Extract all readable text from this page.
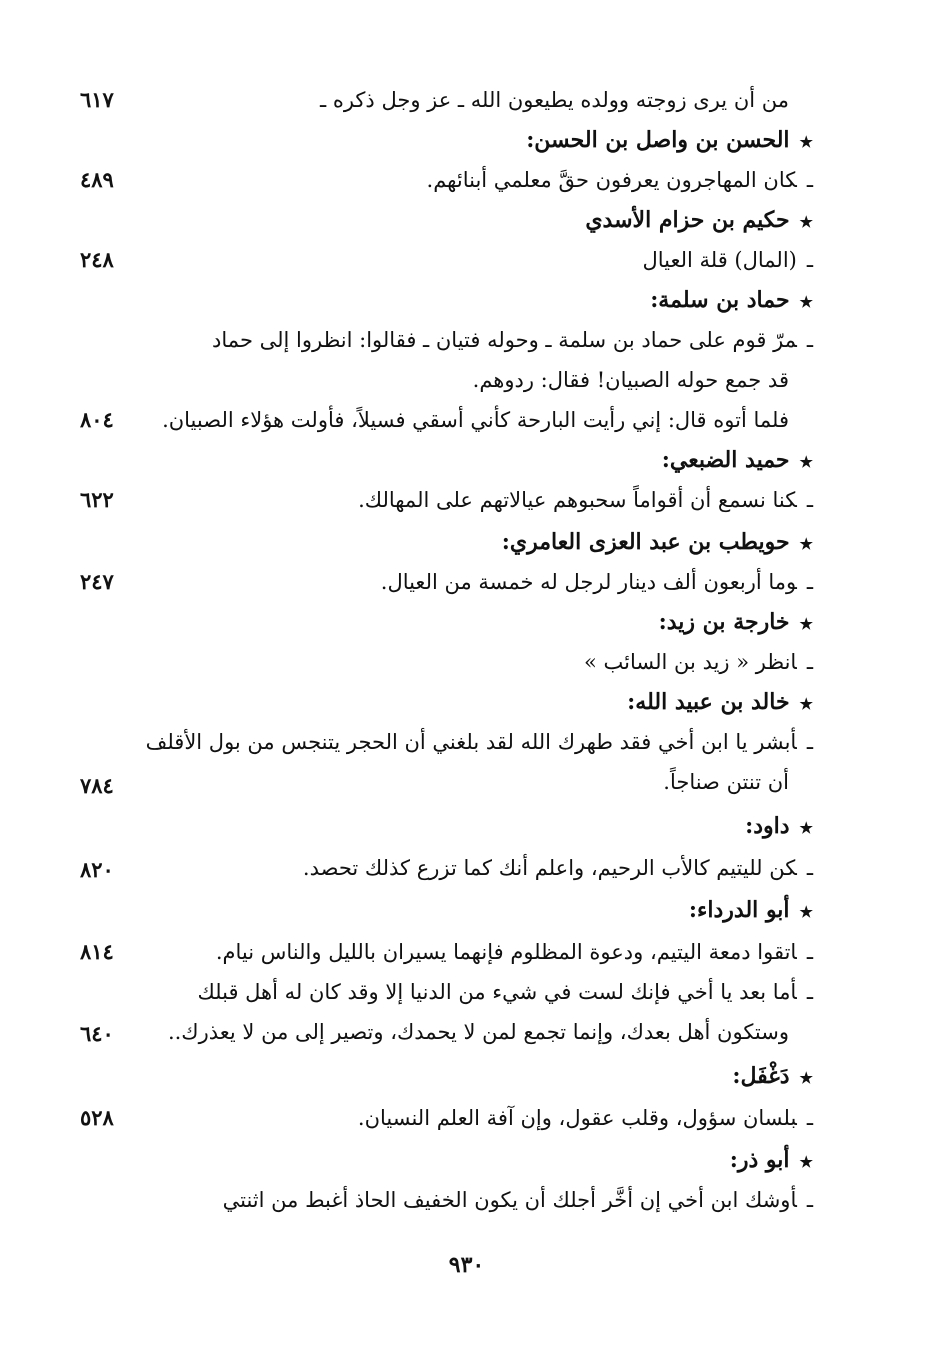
من أن يرى زوجته وولده يطيعون الله ـ عز وجل ذكره ـ
٦١٧
★الحسن بن واصل بن الحسن:
ـكان المهاجرون يعرفون حقَّ معلمي أبنائهم.
٤٨٩
★حكيم بن حزام الأسدي
ـ(المال) قلة العيال
٢٤٨
★حماد بن سلمة:
ـمرّ قوم على حماد بن سلمة ـ وحوله فتيان ـ فقالوا: انظروا إلى حماد
قد جمع حوله الصبيان! فقال: ردوهم.
فلما أتوه قال: إني رأيت البارحة كأني أسقي فسيلاً، فأولت هؤلاء الصبيان.
٨٠٤
★حميد الضبعي:
ـكنا نسمع أن أقواماً سحبوهم عيالاتهم على المهالك.
٦٢٢
★حويطب بن عبد العزى العامري:
ـوما أربعون ألف دينار لرجل له خمسة من العيال.
٢٤٧
★خارجة بن زيد:
ـانظر « زيد بن السائب »
★خالد بن عبيد الله:
ـأبشر يا ابن أخي فقد طهرك الله لقد بلغني أن الحجر يتنجس من بول الأقلف
أن تنتن صناجاً.
٧٨٤
★داود:
ـكن لليتيم كالأب الرحيم، واعلم أنك كما تزرع كذلك تحصد.
٨٢٠
★أبو الدرداء:
ـاتقوا دمعة اليتيم، ودعوة المظلوم فإنهما يسيران بالليل والناس نيام.
٨١٤
ـأما بعد يا أخي فإنك لست في شيء من الدنيا إلا وقد كان له أهل قبلك
وستكون أهل بعدك، وإنما تجمع لمن لا يحمدك، وتصير إلى من لا يعذرك..
٦٤٠
★دَغْفَل:
ـبلسان سؤول، وقلب عقول، وإن آفة العلم النسيان.
٥٢٨
★أبو ذر:
ـأوشك ابن أخي إن أخَّر أجلك أن يكون الخفيف الحاذ أغبط من اثنتي
٩٣٠
